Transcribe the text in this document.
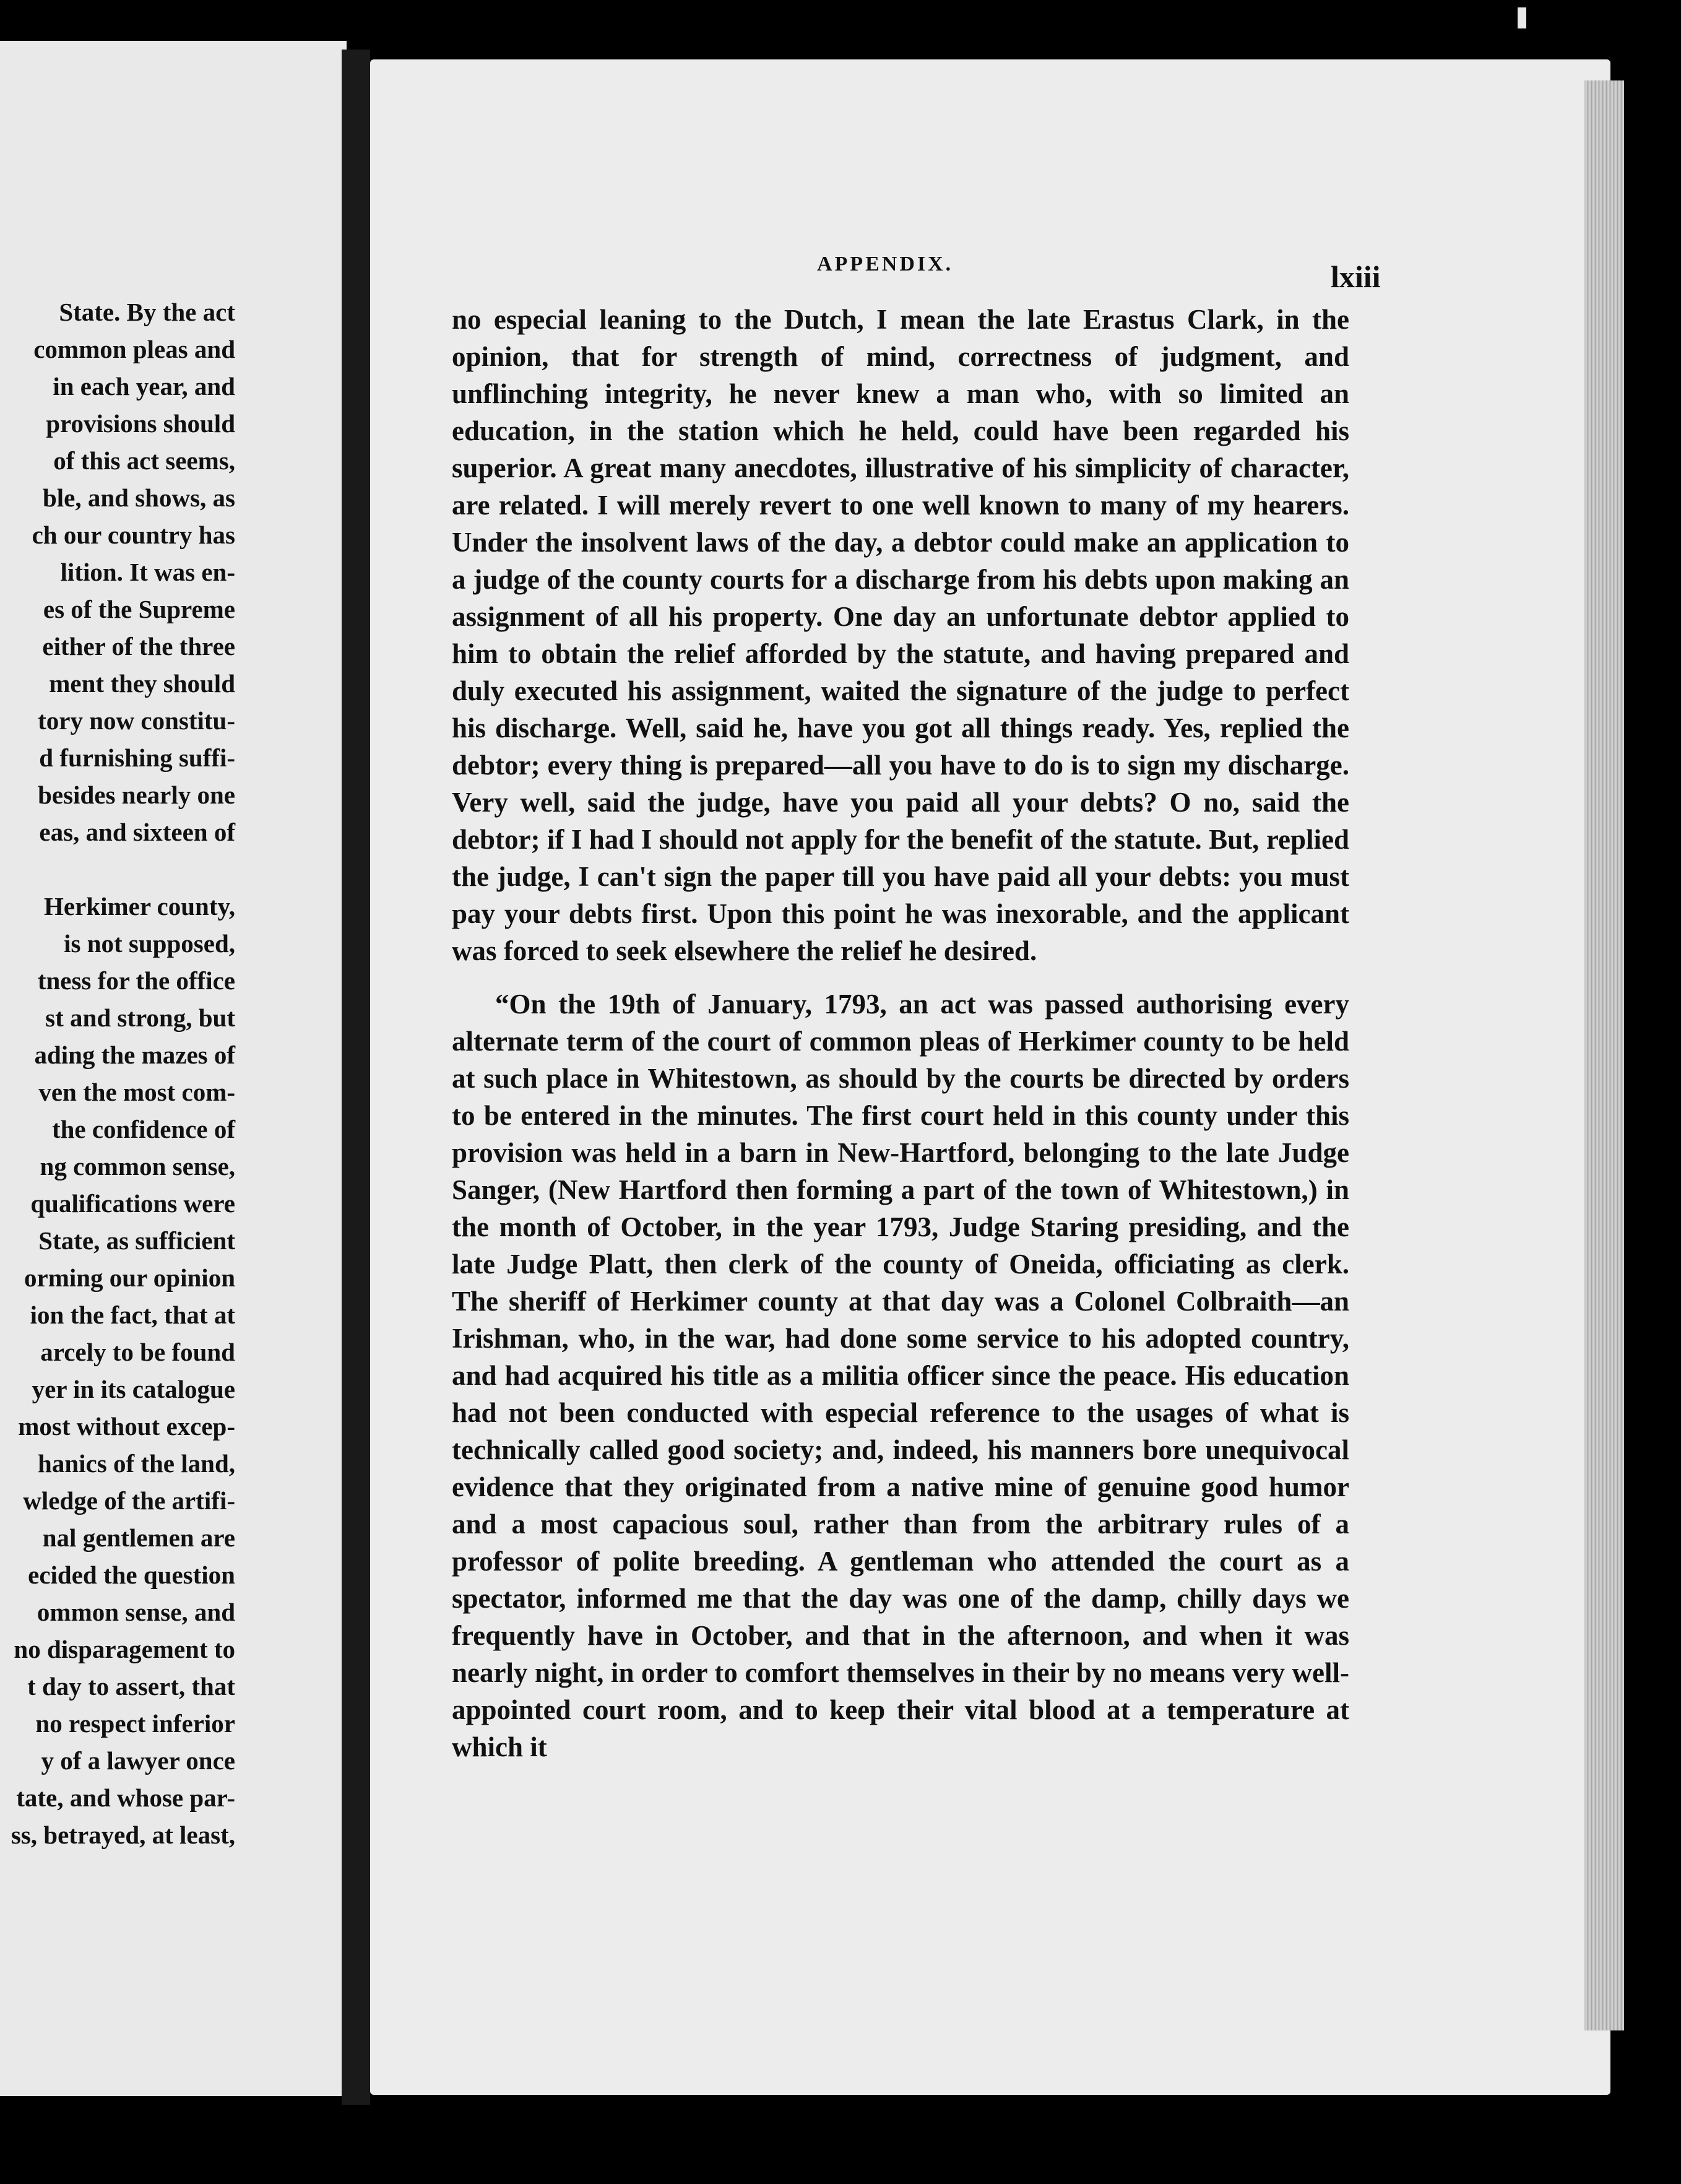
State. By the act
common pleas and
in each year, and
provisions should
of this act seems,
ble, and shows, as
ch our country has
lition. It was en-
es of the Supreme
either of the three
ment they should
tory now constitu-
d furnishing suffi-
besides nearly one
eas, and sixteen of
Herkimer county,
is not supposed,
tness for the office
st and strong, but
ading the mazes of
ven the most com-
the confidence of
ng common sense,
qualifications were
State, as sufficient
orming our opinion
ion the fact, that at
arcely to be found
yer in its catalogue
most without excep-
hanics of the land,
wledge of the artifi-
nal gentlemen are
ecided the question
ommon sense, and
no disparagement to
t day to assert, that
no respect inferior
y of a lawyer once
tate, and whose par-
ss, betrayed, at least,
APPENDIX.	lxiii

no especial leaning to the Dutch, I mean the late Erastus Clark, in the opinion, that for strength of mind, correctness of judgment, and unflinching integrity, he never knew a man who, with so limited an education, in the station which he held, could have been regarded his superior. A great many anecdotes, illustrative of his simplicity of character, are related. I will merely revert to one well known to many of my hearers. Under the insolvent laws of the day, a debtor could make an application to a judge of the county courts for a discharge from his debts upon making an assignment of all his property. One day an unfortunate debtor applied to him to obtain the relief afforded by the statute, and having prepared and duly executed his assignment, waited the signature of the judge to perfect his discharge. Well, said he, have you got all things ready. Yes, replied the debtor; every thing is prepared—all you have to do is to sign my discharge. Very well, said the judge, have you paid all your debts? O no, said the debtor; if I had I should not apply for the benefit of the statute. But, replied the judge, I can't sign the paper till you have paid all your debts: you must pay your debts first. Upon this point he was inexorable, and the applicant was forced to seek elsewhere the relief he desired.

“On the 19th of January, 1793, an act was passed authorising every alternate term of the court of common pleas of Herkimer county to be held at such place in Whitestown, as should by the courts be directed by orders to be entered in the minutes. The first court held in this county under this provision was held in a barn in New-Hartford, belonging to the late Judge Sanger, (New Hartford then forming a part of the town of Whitestown,) in the month of October, in the year 1793, Judge Staring presiding, and the late Judge Platt, then clerk of the county of Oneida, officiating as clerk. The sheriff of Herkimer county at that day was a Colonel Colbraith—an Irishman, who, in the war, had done some service to his adopted country, and had acquired his title as a militia officer since the peace. His education had not been conducted with especial reference to the usages of what is technically called good society; and, indeed, his manners bore unequivocal evidence that they originated from a native mine of genuine good humor and a most capacious soul, rather than from the arbitrary rules of a professor of polite breeding. A gentleman who attended the court as a spectator, informed me that the day was one of the damp, chilly days we frequently have in October, and that in the afternoon, and when it was nearly night, in order to comfort themselves in their by no means very well-appointed court room, and to keep their vital blood at a temperature at which it
